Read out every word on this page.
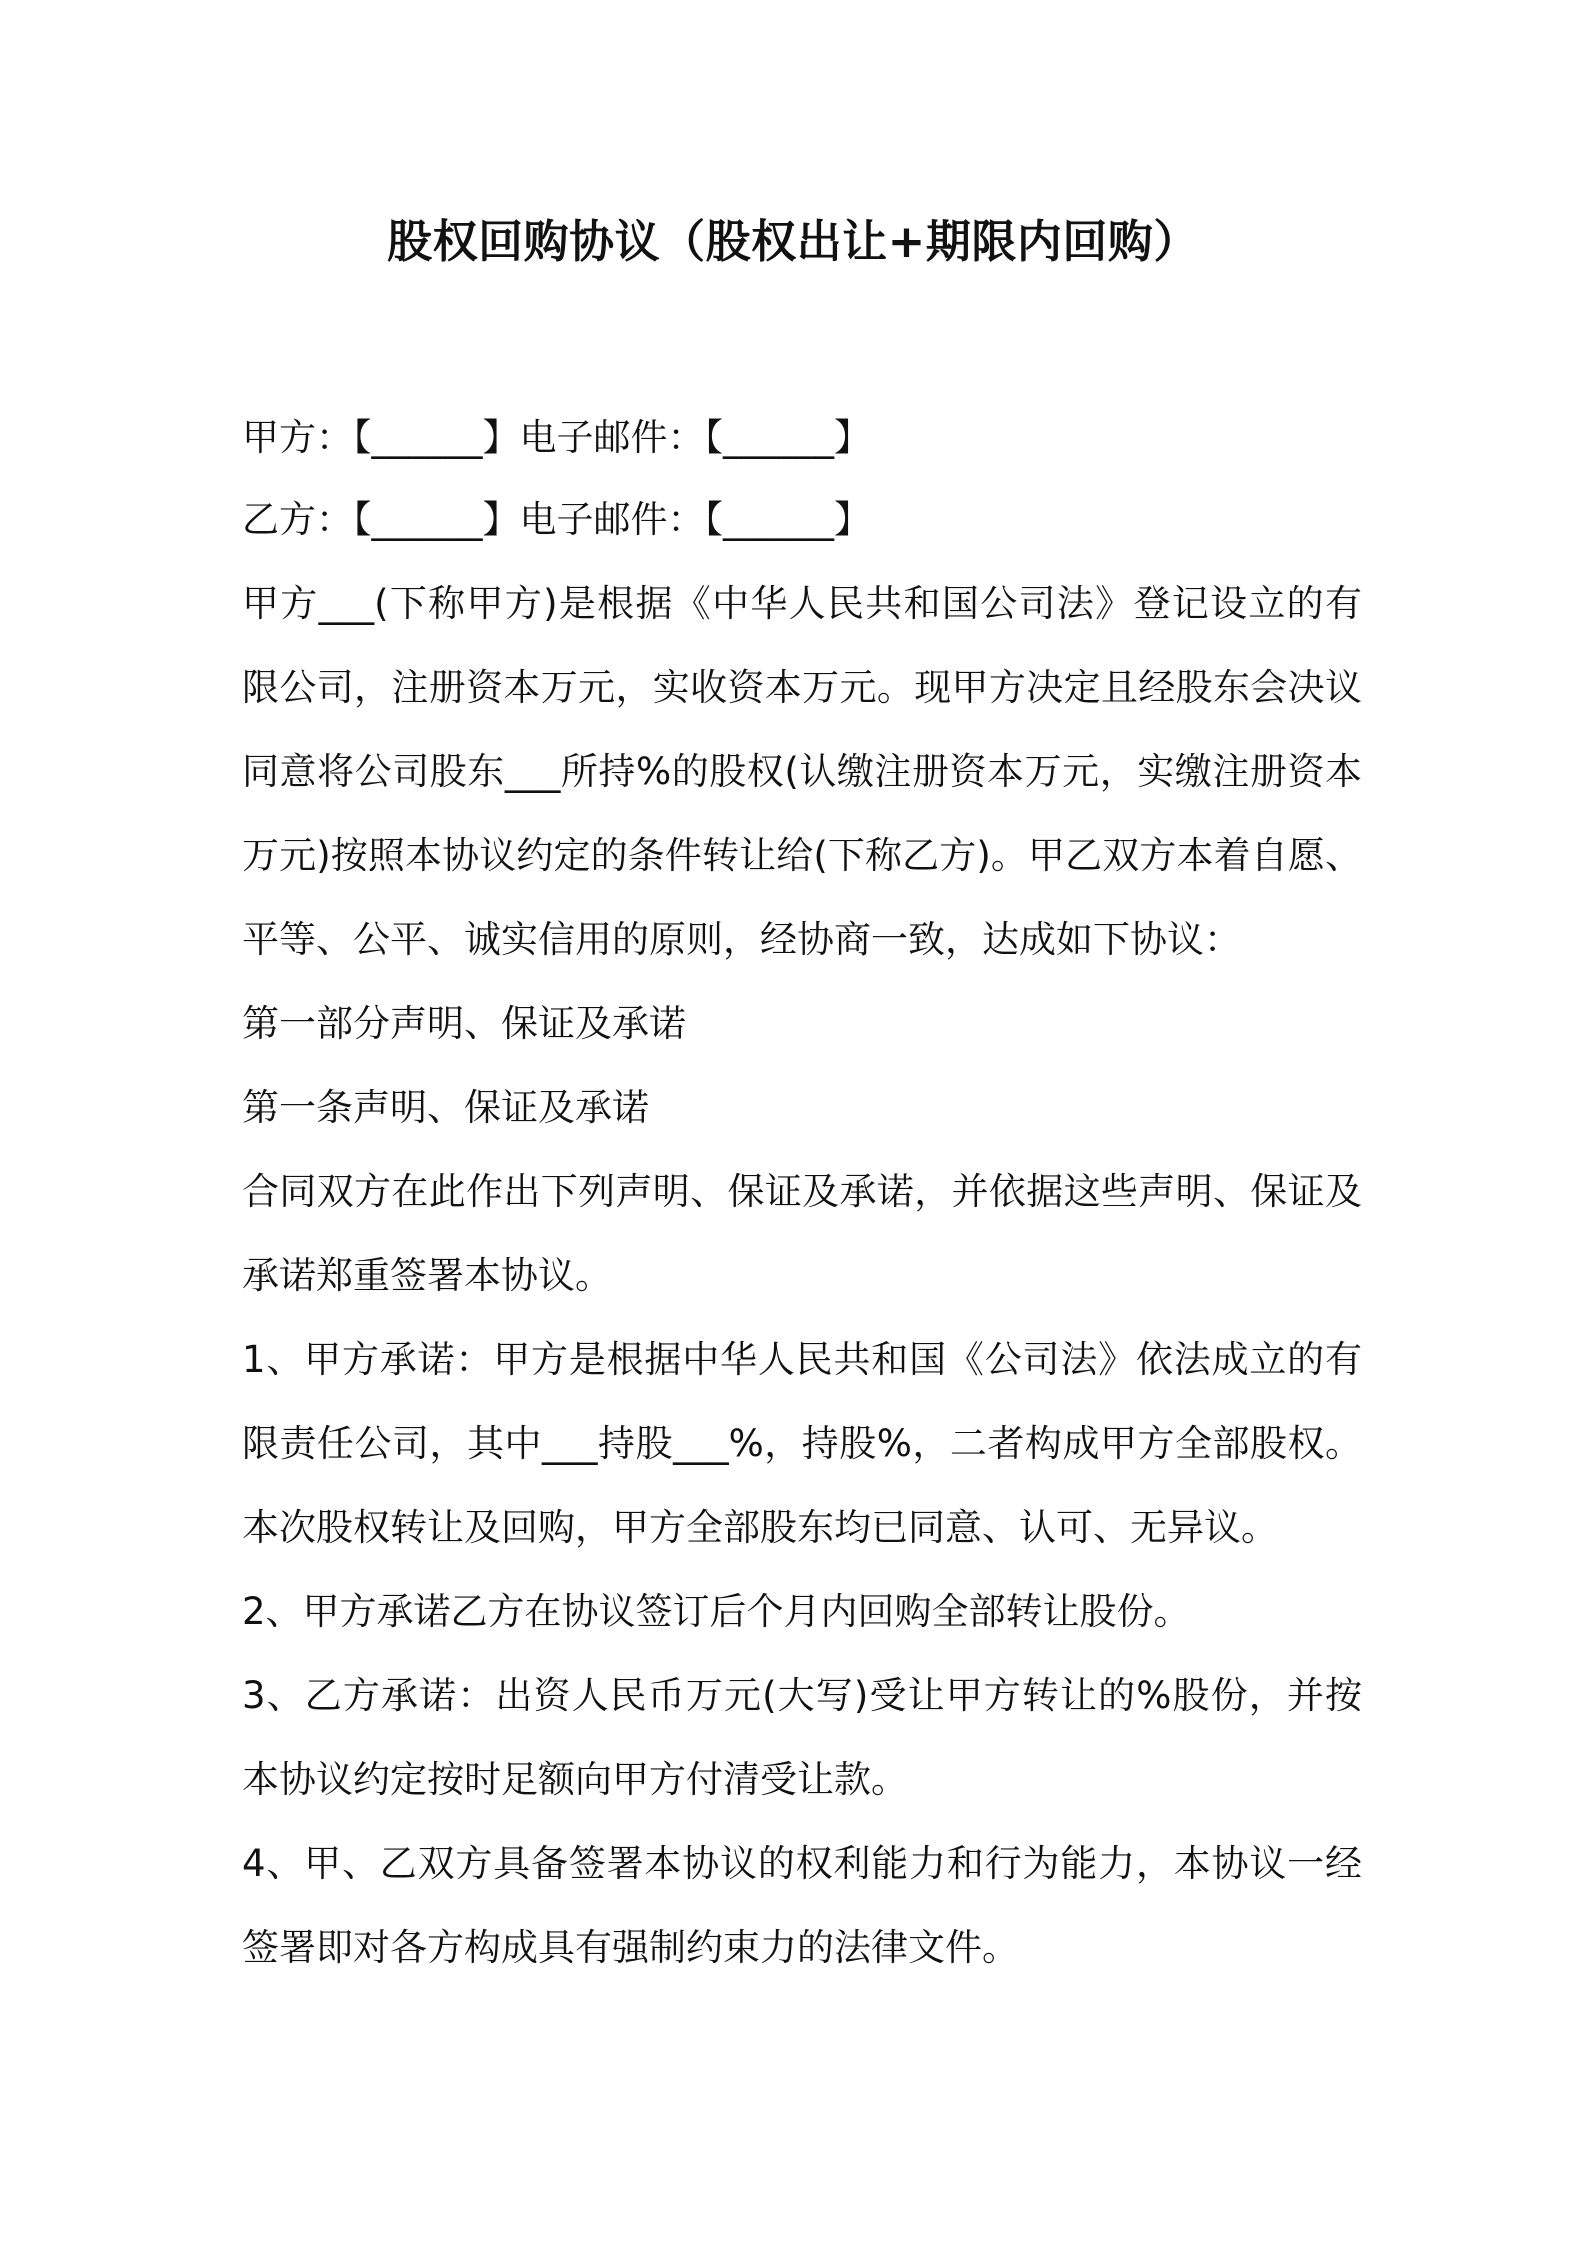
股权回购协议（股权出让+期限内回购）
甲方：【______】电子邮件：【______】
乙方：【______】电子邮件：【______】
甲方___(下称甲方)是根据《中华人民共和国公司法》登记设立的有
限公司，注册资本万元，实收资本万元。现甲方决定且经股东会决议
同意将公司股东___所持%的股权(认缴注册资本万元，实缴注册资本
万元)按照本协议约定的条件转让给(下称乙方)。甲乙双方本着自愿、
平等、公平、诚实信用的原则，经协商一致，达成如下协议：
第一部分声明、保证及承诺
第一条声明、保证及承诺
合同双方在此作出下列声明、保证及承诺，并依据这些声明、保证及
承诺郑重签署本协议。
1、甲方承诺：甲方是根据中华人民共和国《公司法》依法成立的有
限责任公司，其中___持股___%，持股%，二者构成甲方全部股权。
本次股权转让及回购，甲方全部股东均已同意、认可、无异议。
2、甲方承诺乙方在协议签订后个月内回购全部转让股份。
3、乙方承诺：出资人民币万元(大写)受让甲方转让的%股份，并按
本协议约定按时足额向甲方付清受让款。
4、甲、乙双方具备签署本协议的权利能力和行为能力，本协议一经
签署即对各方构成具有强制约束力的法律文件。
